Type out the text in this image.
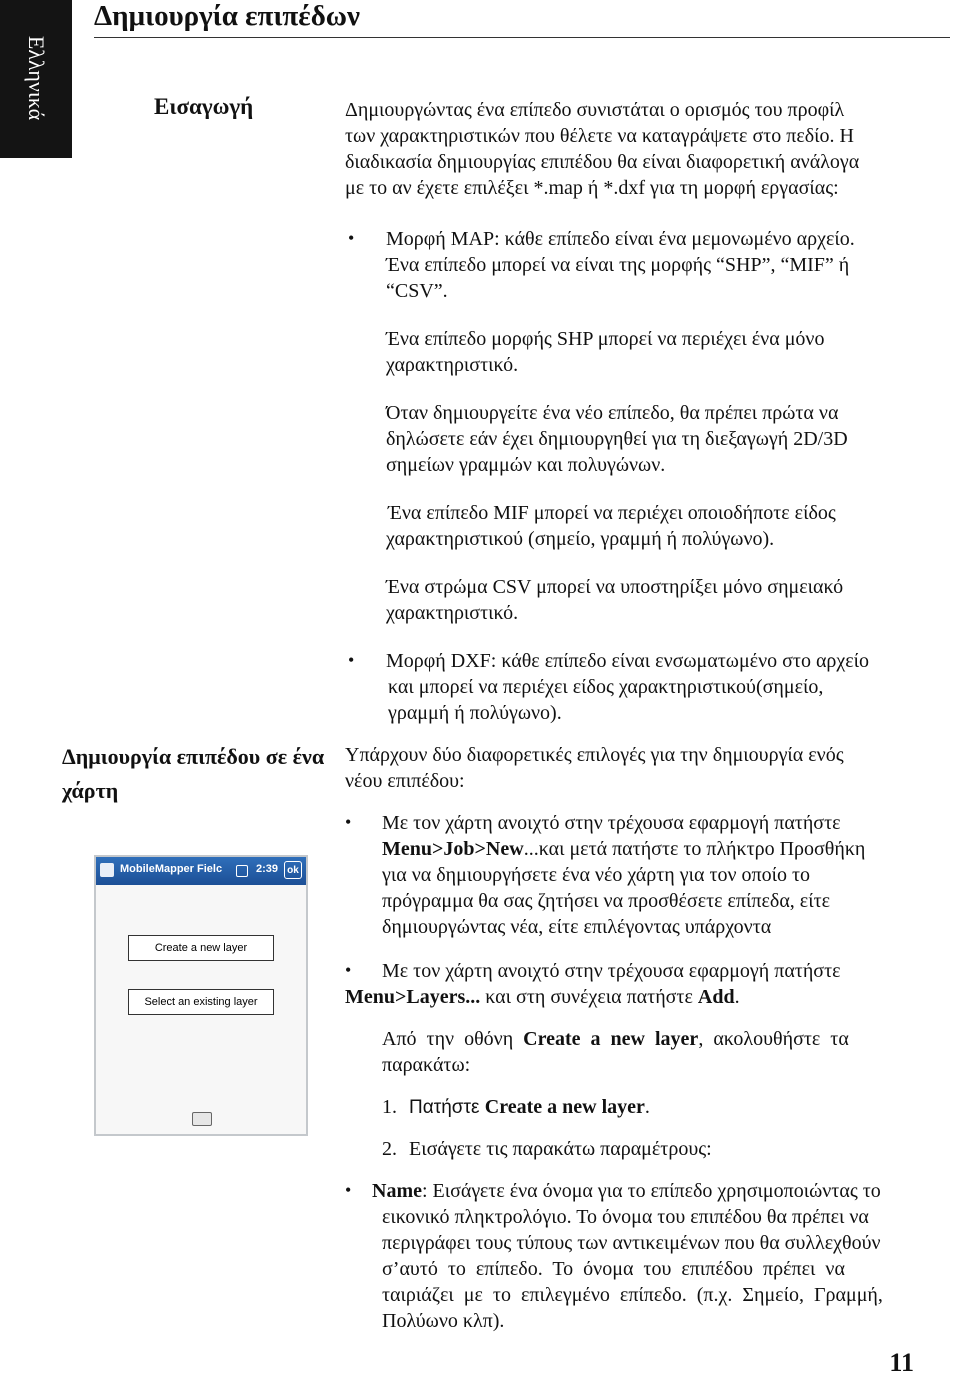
Ελληνικά
Δημιουργία επιπέδων
Εισαγωγή	Δημιουργώντας ένα επίπεδο συνιστάται ο ορισμός του προφίλ
των χαρακτηριστικών που θέλετε να καταγράψετε στο πεδίο. Η
διαδικασία δημιουργίας επιπέδου θα είναι διαφορετική ανάλογα
με το αν έχετε επιλέξει *.map ή *.dxf για τη μορφή εργασίας:
• Μορφή MAP: κάθε επίπεδο είναι ένα μεμονωμένο αρχείο.
Ένα επίπεδο μπορεί να είναι της μορφής “SHP”, “MIF” ή
“CSV”.
Ένα επίπεδο μορφής SHP μπορεί να περιέχει ένα μόνο
χαρακτηριστικό.
Όταν δημιουργείτε ένα νέο επίπεδο, θα πρέπει πρώτα να
δηλώσετε εάν έχει δημιουργηθεί για τη διεξαγωγή 2D/3D
σημείων γραμμών και πολυγώνων.
Ένα επίπεδο MIF μπορεί να περιέχει οποιοδήποτε είδος
χαρακτηριστικού (σημείο, γραμμή ή πολύγωνο).
Ένα στρώμα CSV μπορεί να υποστηρίξει μόνο σημειακό
χαρακτηριστικό.
• Μορφή DXF: κάθε επίπεδο είναι ενσωματωμένο στο αρχείο
και μπορεί να περιέχει είδος χαρακτηριστικού(σημείο,
γραμμή ή πολύγωνο).
Δημιουργία επιπέδου σε ένα
χάρτη
Υπάρχουν δύο διαφορετικές επιλογές για την δημιουργία ενός
νέου επιπέδου:
• Με τον χάρτη ανοιχτό στην τρέχουσα εφαρμογή πατήστε
Menu>Job>New...και μετά πατήστε το πλήκτρο Προσθήκη
για να δημιουργήσετε ένα νέο χάρτη για τον οποίο το
πρόγραμμα θα σας ζητήσει να προσθέσετε επίπεδα, είτε
δημιουργώντας νέα, είτε επιλέγοντας υπάρχοντα
• Με τον χάρτη ανοιχτό στην τρέχουσα εφαρμογή πατήστε
Menu>Layers... και στη συνέχεια πατήστε Add.
Από  την  οθόνη  Create  a  new  layer,  ακολουθήστε  τα
παρακάτω:
1. Πατήστε Create a new layer.
2. Εισάγετε τις παρακάτω παραμέτρους:
• Name: Εισάγετε ένα όνομα για το επίπεδο χρησιμοποιώντας το
εικονικό πληκτρολόγιο. Το όνομα του επιπέδου θα πρέπει να
περιγράφει τους τύπους των αντικειμένων που θα συλλεχθούν
σ’αυτό  το  επίπεδο.  Το  όνομα  του  επιπέδου  πρέπει  να
ταιριάζει  με  το  επιλεγμένο  επίπεδο.  (π.χ.  Σημείο,  Γραμμή,
Πολύωνο κλπ).
MobileMapper Fielc	2:39 ok
Create a new layer
Select an existing layer
11
